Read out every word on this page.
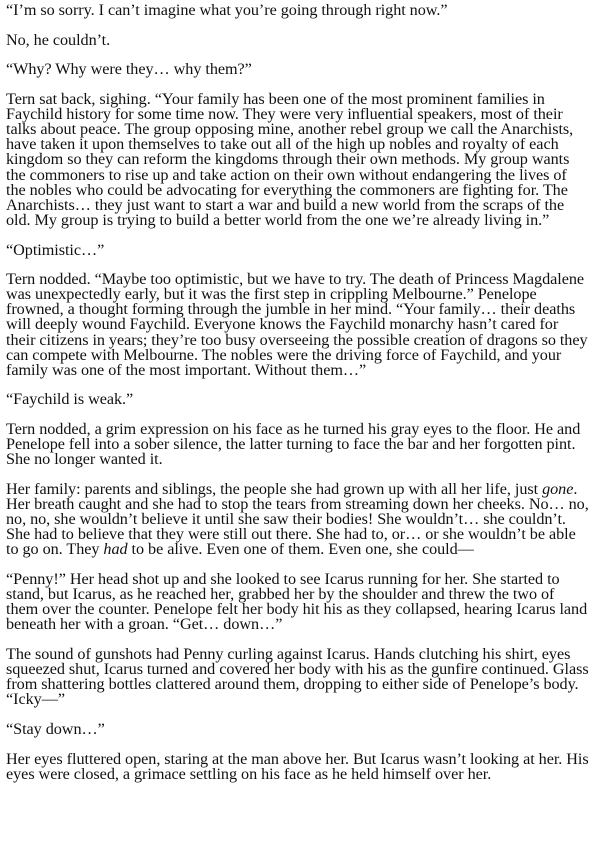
“I’m so sorry. I can’t imagine what you’re going through right now.”

No, he couldn’t.

“Why? Why were they… why them?”

Tern sat back, sighing. “Your family has been one of the most prominent families in Faychild history for some time now. They were very influential speakers, most of their talks about peace. The group opposing mine, another rebel group we call the Anarchists, have taken it upon themselves to take out all of the high up nobles and royalty of each kingdom so they can reform the kingdoms through their own methods. My group wants the commoners to rise up and take action on their own without endangering the lives of the nobles who could be advocating for everything the commoners are fighting for. The Anarchists… they just want to start a war and build a new world from the scraps of the old. My group is trying to build a better world from the one we’re already living in.”

“Optimistic…”

Tern nodded. “Maybe too optimistic, but we have to try. The death of Princess Magdalene was unexpectedly early, but it was the first step in crippling Melbourne.” Penelope frowned, a thought forming through the jumble in her mind. “Your family… their deaths will deeply wound Faychild. Everyone knows the Faychild monarchy hasn’t cared for their citizens in years; they’re too busy overseeing the possible creation of dragons so they can compete with Melbourne. The nobles were the driving force of Faychild, and your family was one of the most important. Without them…”

“Faychild is weak.”

Tern nodded, a grim expression on his face as he turned his gray eyes to the floor. He and Penelope fell into a sober silence, the latter turning to face the bar and her forgotten pint. She no longer wanted it.

Her family: parents and siblings, the people she had grown up with all her life, just gone. Her breath caught and she had to stop the tears from streaming down her cheeks. No… no, no, no, she wouldn’t believe it until she saw their bodies! She wouldn’t… she couldn’t. She had to believe that they were still out there. She had to, or… or she wouldn’t be able to go on. They had to be alive. Even one of them. Even one, she could—

“Penny!” Her head shot up and she looked to see Icarus running for her. She started to stand, but Icarus, as he reached her, grabbed her by the shoulder and threw the two of them over the counter. Penelope felt her body hit his as they collapsed, hearing Icarus land beneath her with a groan. “Get… down…”

The sound of gunshots had Penny curling against Icarus. Hands clutching his shirt, eyes squeezed shut, Icarus turned and covered her body with his as the gunfire continued. Glass from shattering bottles clattered around them, dropping to either side of Penelope’s body. “Icky—”

“Stay down…”

Her eyes fluttered open, staring at the man above her. But Icarus wasn’t looking at her. His eyes were closed, a grimace settling on his face as he held himself over her.
